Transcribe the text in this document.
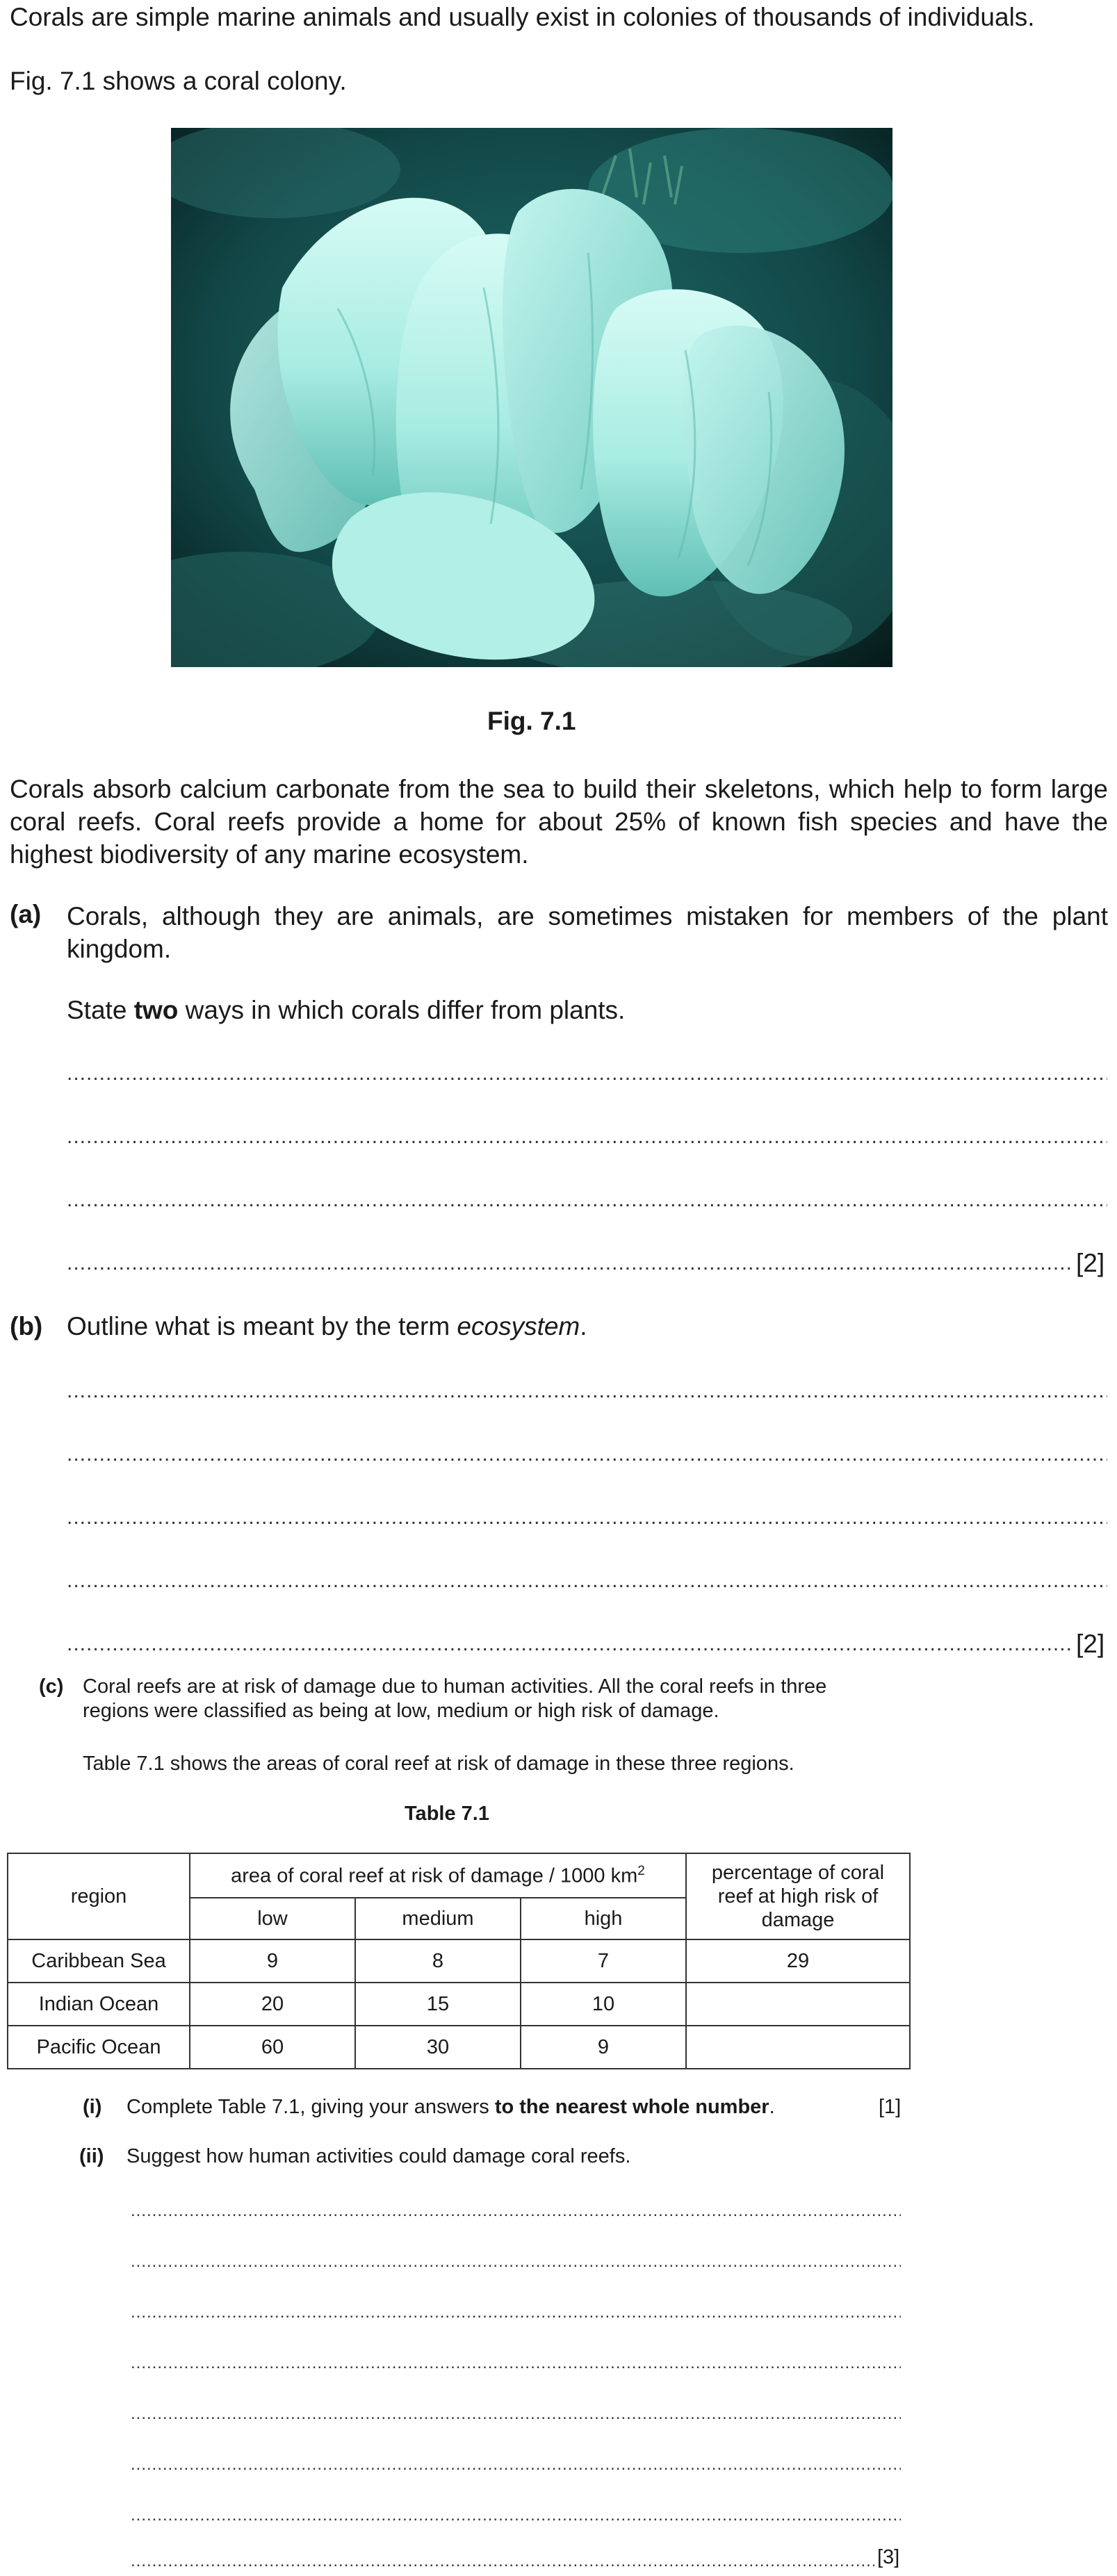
Corals are simple marine animals and usually exist in colonies of thousands of individuals.
Fig. 7.1 shows a coral colony.
Fig. 7.1
Corals absorb calcium carbonate from the sea to build their skeletons, which help to form large coral reefs. Coral reefs provide a home for about 25% of known fish species and have the highest biodiversity of any marine ecosystem.
(a) Corals, although they are animals, are sometimes mistaken for members of the plant kingdom.
State two ways in which corals differ from plants.
.....
.....
.....
.....
[2]
(b) Outline what is meant by the term ecosystem.
.....
.....
.....
.....
.....
[2]
(c) Coral reefs are at risk of damage due to human activities. All the coral reefs in three
regions were classified as being at low, medium or high risk of damage.
Table 7.1 shows the areas of coral reef at risk of damage in these three regions.
Table 7.1
region	area of coral reef at risk of damage / 1000 $km^2$			percentage of coral reef at high risk of damage
	low	medium	high	
Caribbean Sea	9	8	7	29
Indian Ocean	20	15	10	
Pacific Ocean	60	30	9	
(i) Complete Table 7.1, giving your answers to the nearest whole number.	[1]
(ii) Suggest how human activities could damage coral reefs.
.....
.....
.....
.....
.....
.....
.....
.....
[3]
